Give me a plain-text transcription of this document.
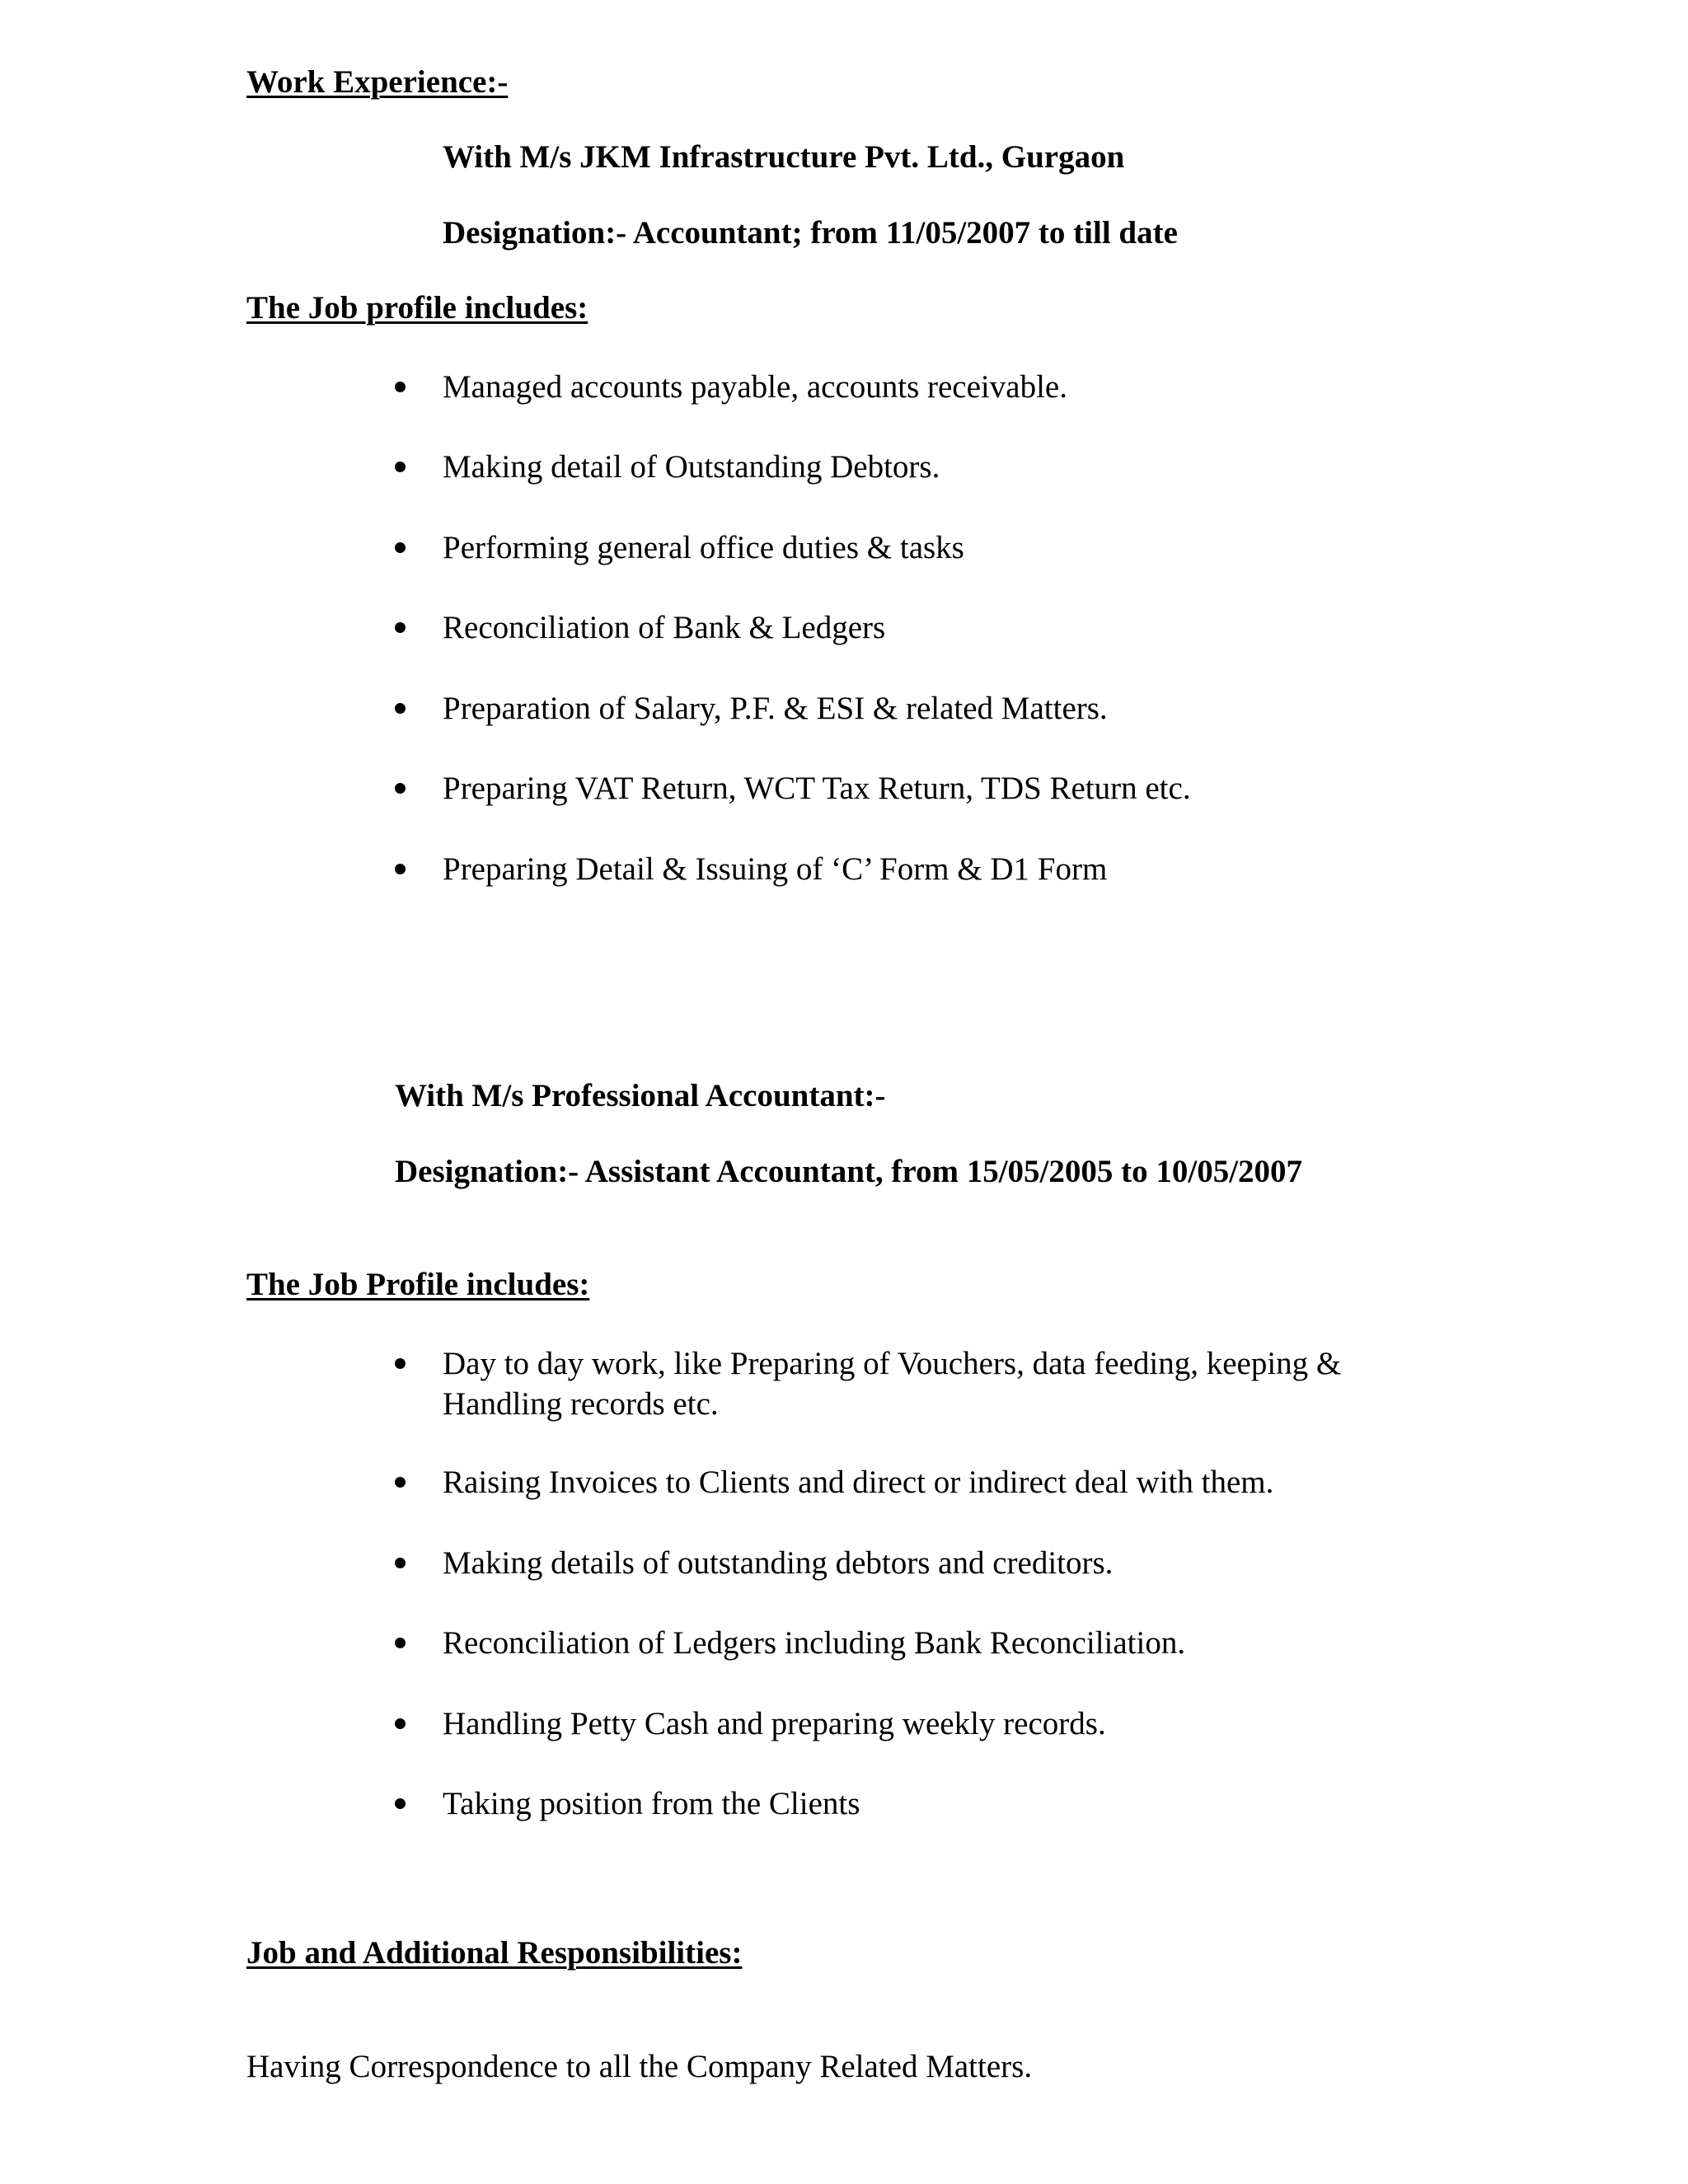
Work Experience:-
With M/s JKM Infrastructure Pvt. Ltd., Gurgaon
Designation:- Accountant; from 11/05/2007 to till date
The Job profile includes:
Managed accounts payable, accounts receivable.
Making detail of Outstanding Debtors.
Performing general office duties & tasks
Reconciliation of Bank & Ledgers
Preparation of Salary, P.F. & ESI & related Matters.
Preparing VAT Return, WCT Tax Return, TDS Return etc.
Preparing Detail & Issuing of ‘C’ Form & D1 Form
With M/s Professional Accountant:-
Designation:- Assistant Accountant, from 15/05/2005 to 10/05/2007
The Job Profile includes:
Day to day work, like Preparing of Vouchers, data feeding, keeping &
Handling records etc.
Raising Invoices to Clients and direct or indirect deal with them.
Making details of outstanding debtors and creditors.
Reconciliation of Ledgers including Bank Reconciliation.
Handling Petty Cash and preparing weekly records.
Taking position from the Clients
Job and Additional Responsibilities:
Having Correspondence to all the Company Related Matters.
